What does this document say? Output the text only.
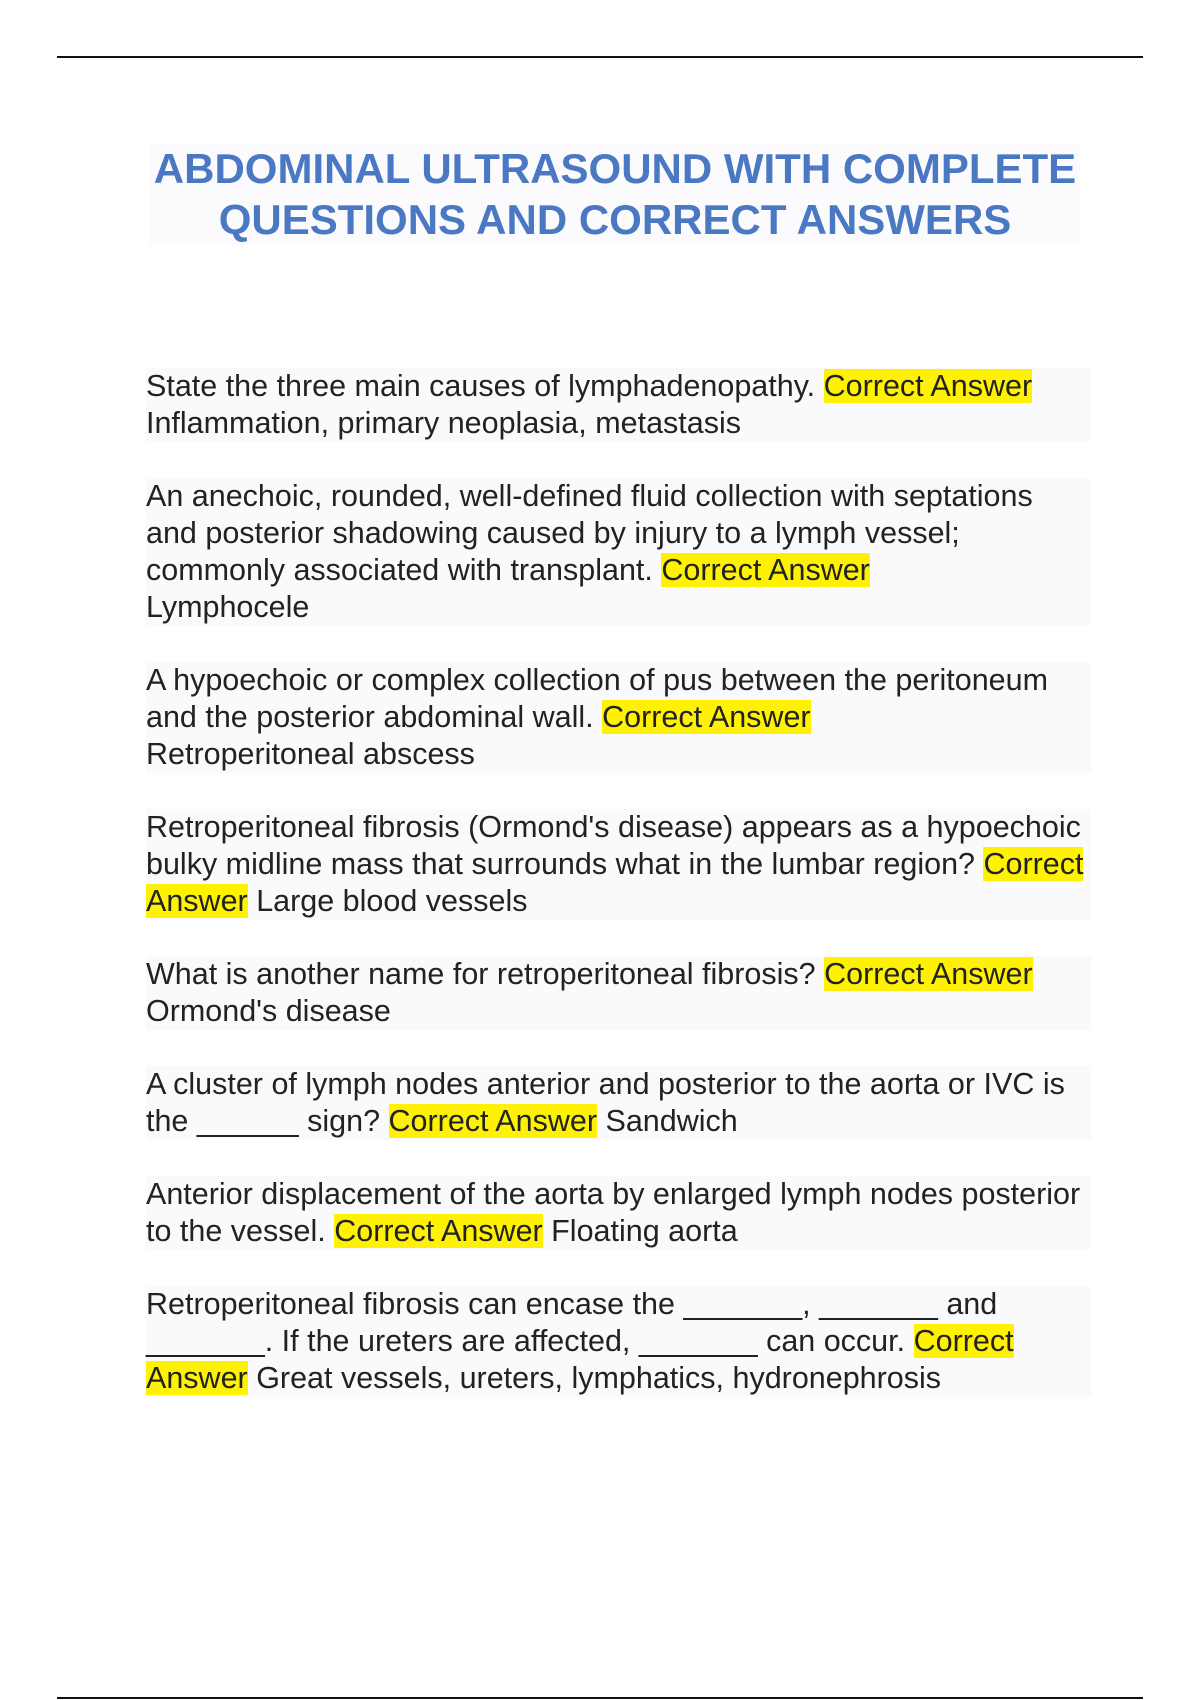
ABDOMINAL ULTRASOUND WITH COMPLETE QUESTIONS AND CORRECT ANSWERS

State the three main causes of lymphadenopathy. Correct Answer
Inflammation, primary neoplasia, metastasis

An anechoic, rounded, well-defined fluid collection with septations and posterior shadowing caused by injury to a lymph vessel; commonly associated with transplant. Correct Answer
Lymphocele

A hypoechoic or complex collection of pus between the peritoneum and the posterior abdominal wall. Correct Answer
Retroperitoneal abscess

Retroperitoneal fibrosis (Ormond's disease) appears as a hypoechoic bulky midline mass that surrounds what in the lumbar region? Correct Answer Large blood vessels

What is another name for retroperitoneal fibrosis? Correct Answer
Ormond's disease

A cluster of lymph nodes anterior and posterior to the aorta or IVC is the ______ sign? Correct Answer Sandwich

Anterior displacement of the aorta by enlarged lymph nodes posterior to the vessel. Correct Answer Floating aorta

Retroperitoneal fibrosis can encase the _______, _______ and _______. If the ureters are affected, _______ can occur. Correct Answer Great vessels, ureters, lymphatics, hydronephrosis
